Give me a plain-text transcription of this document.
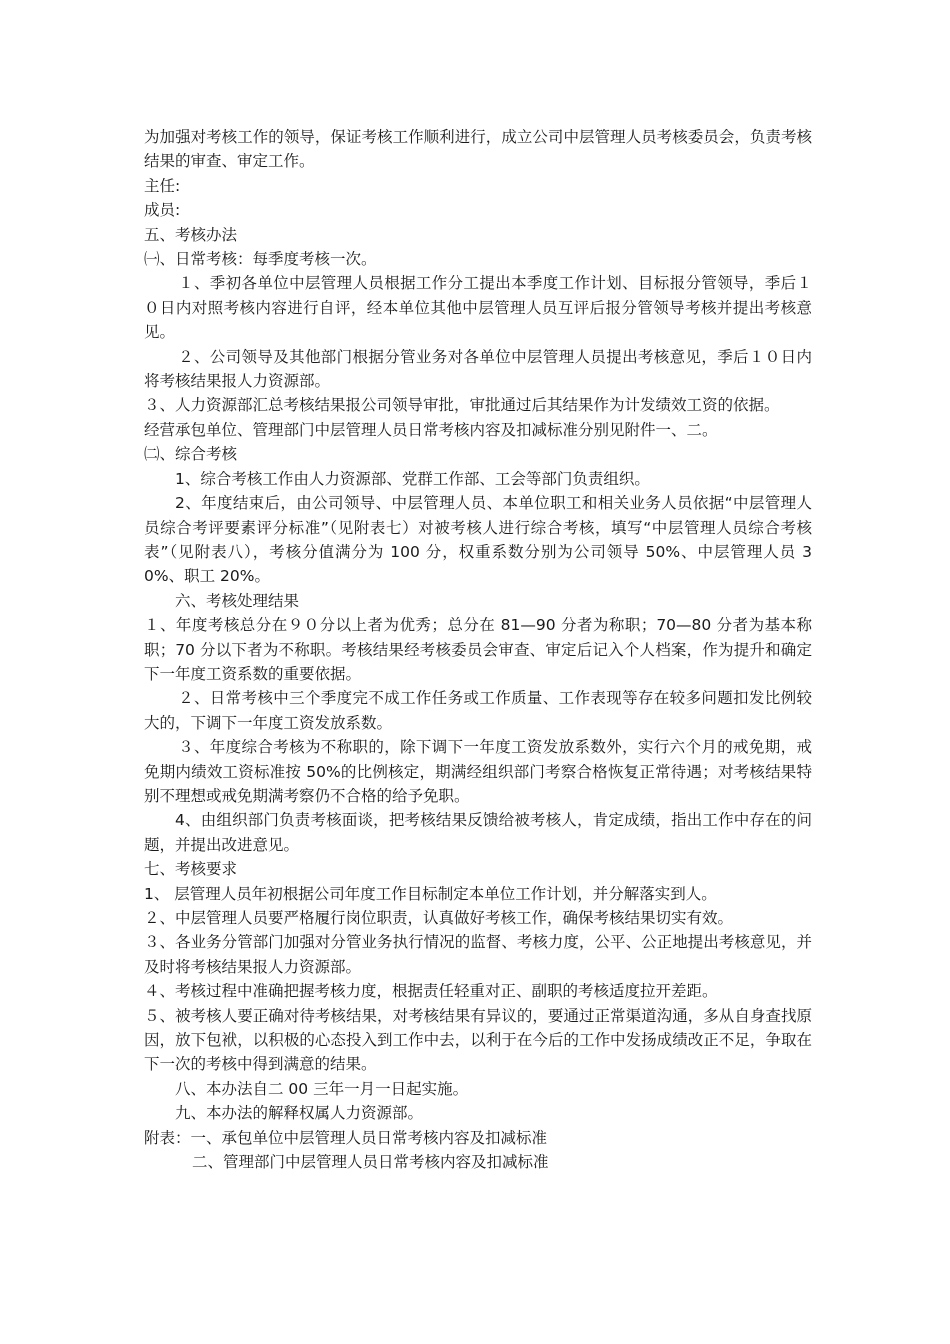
为加强对考核工作的领导，保证考核工作顺利进行，成立公司中层管理人员考核委员会，负责考核结果的审查、审定工作。

主任:

成员:

五、考核办法

㈠、日常考核：每季度考核一次。

１、季初各单位中层管理人员根据工作分工提出本季度工作计划、目标报分管领导，季后１０日内对照考核内容进行自评，经本单位其他中层管理人员互评后报分管领导考核并提出考核意见。

２、公司领导及其他部门根据分管业务对各单位中层管理人员提出考核意见，季后１０日内将考核结果报人力资源部。

３、人力资源部汇总考核结果报公司领导审批，审批通过后其结果作为计发绩效工资的依据。

经营承包单位、管理部门中层管理人员日常考核内容及扣减标准分别见附件一、二。

㈡、综合考核

1、综合考核工作由人力资源部、党群工作部、工会等部门负责组织。

2、年度结束后，由公司领导、中层管理人员、本单位职工和相关业务人员依据“中层管理人员综合考评要素评分标准”（见附表七）对被考核人进行综合考核，填写“中层管理人员综合考核表”（见附表八），考核分值满分为 100 分，权重系数分别为公司领导 50%、中层管理人员 30%、职工 20%。

六、考核处理结果

１、年度考核总分在９０分以上者为优秀；总分在 81—90 分者为称职；70—80 分者为基本称职；70 分以下者为不称职。考核结果经考核委员会审查、审定后记入个人档案，作为提升和确定下一年度工资系数的重要依据。

２、日常考核中三个季度完不成工作任务或工作质量、工作表现等存在较多问题扣发比例较大的，下调下一年度工资发放系数。

３、年度综合考核为不称职的，除下调下一年度工资发放系数外，实行六个月的戒免期，戒免期内绩效工资标准按 50%的比例核定，期满经组织部门考察合格恢复正常待遇；对考核结果特别不理想或戒免期满考察仍不合格的给予免职。

4、由组织部门负责考核面谈，把考核结果反馈给被考核人，肯定成绩，指出工作中存在的问题，并提出改进意见。

七、考核要求

1、 层管理人员年初根据公司年度工作目标制定本单位工作计划，并分解落实到人。

２、中层管理人员要严格履行岗位职责，认真做好考核工作，确保考核结果切实有效。

３、各业务分管部门加强对分管业务执行情况的监督、考核力度，公平、公正地提出考核意见，并及时将考核结果报人力资源部。

４、考核过程中准确把握考核力度，根据责任轻重对正、副职的考核适度拉开差距。

５、被考核人要正确对待考核结果，对考核结果有异议的，要通过正常渠道沟通，多从自身查找原因，放下包袱，以积极的心态投入到工作中去，以利于在今后的工作中发扬成绩改正不足，争取在下一次的考核中得到满意的结果。

八、本办法自二 00 三年一月一日起实施。

九、本办法的解释权属人力资源部。

附表：一、承包单位中层管理人员日常考核内容及扣减标准

二、管理部门中层管理人员日常考核内容及扣减标准
